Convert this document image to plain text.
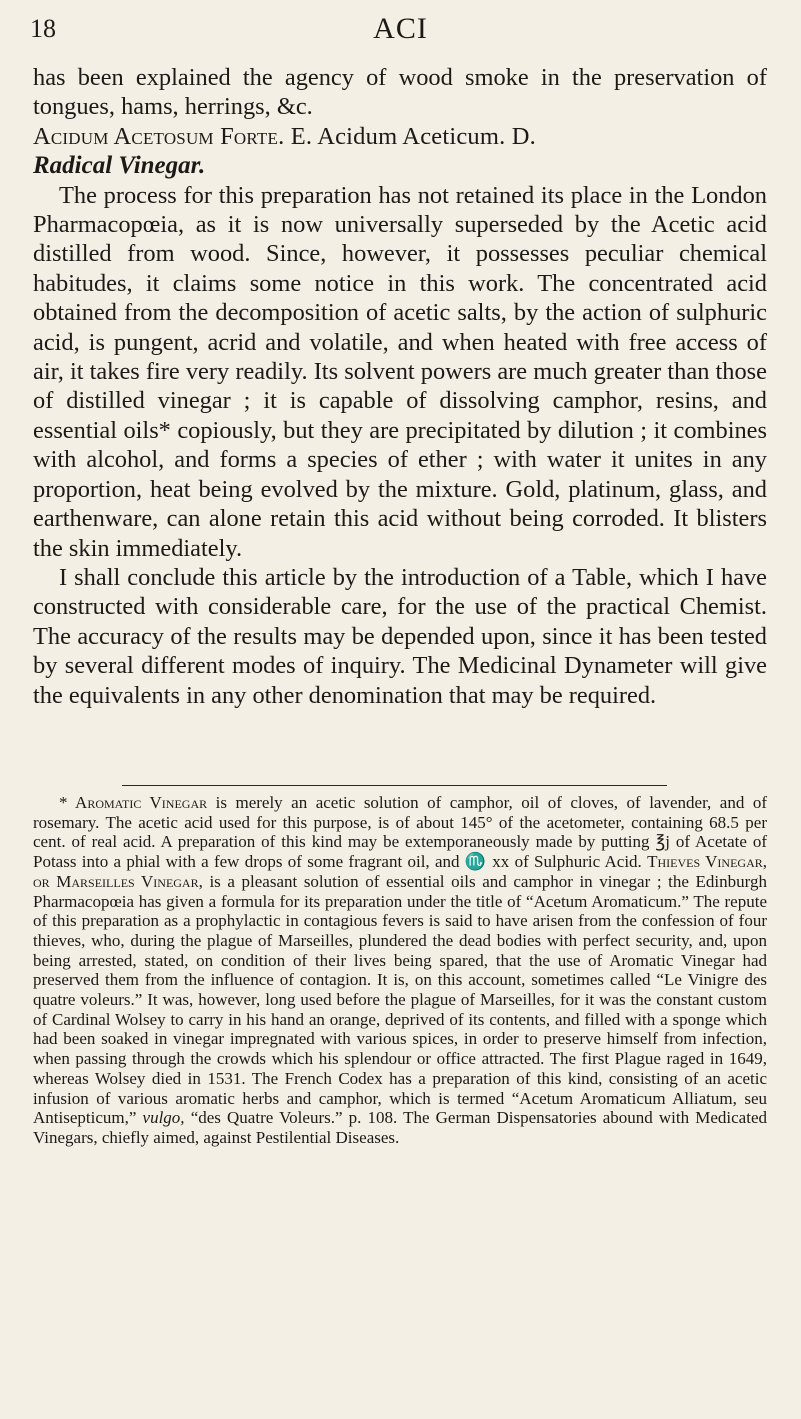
18	ACI

has been explained the agency of wood smoke in the preservation of tongues, hams, herrings, &c.

Acidum Acetosum Forte. E. Acidum Aceticum. D.

Radical Vinegar.

The process for this preparation has not retained its place in the London Pharmacopœia, as it is now universally superseded by the Acetic acid distilled from wood. Since, however, it possesses peculiar chemical habitudes, it claims some notice in this work. The concentrated acid obtained from the decomposition of acetic salts, by the action of sulphuric acid, is pungent, acrid and volatile, and when heated with free access of air, it takes fire very readily. Its solvent powers are much greater than those of distilled vinegar ; it is capable of dissolving camphor, resins, and essential oils* copiously, but they are precipitated by dilution ; it combines with alcohol, and forms a species of ether ; with water it unites in any proportion, heat being evolved by the mixture. Gold, platinum, glass, and earthenware, can alone retain this acid without being corroded. It blisters the skin immediately.

I shall conclude this article by the introduction of a Table, which I have constructed with considerable care, for the use of the practical Chemist. The accuracy of the results may be depended upon, since it has been tested by several different modes of inquiry. The Medicinal Dynameter will give the equivalents in any other denomination that may be required.

* Aromatic Vinegar is merely an acetic solution of camphor, oil of cloves, of lavender, and of rosemary. The acetic acid used for this purpose, is of about 145° of the acetometer, containing 68.5 per cent. of real acid. A preparation of this kind may be extemporaneously made by putting ℥j of Acetate of Potass into a phial with a few drops of some fragrant oil, and ♏ xx of Sulphuric Acid. Thieves Vinegar, or Marseilles Vinegar, is a pleasant solution of essential oils and camphor in vinegar ; the Edinburgh Pharmacopœia has given a formula for its preparation under the title of “Acetum Aromaticum.” The repute of this preparation as a prophylactic in contagious fevers is said to have arisen from the confession of four thieves, who, during the plague of Marseilles, plundered the dead bodies with perfect security, and, upon being arrested, stated, on condition of their lives being spared, that the use of Aromatic Vinegar had preserved them from the influence of contagion. It is, on this account, sometimes called “Le Vinigre des quatre voleurs.” It was, however, long used before the plague of Marseilles, for it was the constant custom of Cardinal Wolsey to carry in his hand an orange, deprived of its contents, and filled with a sponge which had been soaked in vinegar impregnated with various spices, in order to preserve himself from infection, when passing through the crowds which his splendour or office attracted. The first Plague raged in 1649, whereas Wolsey died in 1531. The French Codex has a preparation of this kind, consisting of an acetic infusion of various aromatic herbs and camphor, which is termed “Acetum Aromaticum Alliatum, seu Antisepticum,” vulgo, “des Quatre Voleurs.” p. 108. The German Dispensatories abound with Medicated Vinegars, chiefly aimed, against Pestilential Diseases.
